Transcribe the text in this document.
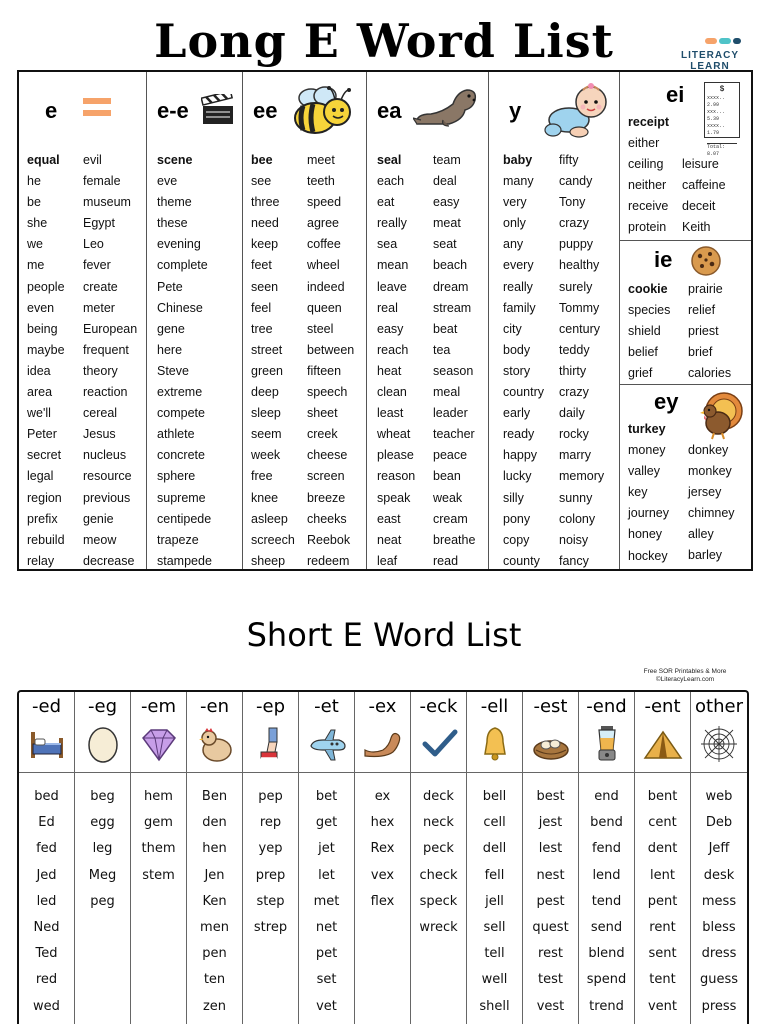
Long E Word List	LITERACY LEARN
e
equal
he
be
she
we
me
people
even
being
maybe
idea
area
we'll
Peter
secret
legal
region
prefix
rebuild
relay
evil
female
museum
Egypt
Leo
fever
create
meter
European
frequent
theory
reaction
cereal
Jesus
nucleus
resource
previous
genie
meow
decrease
e-e
scene
eve
theme
these
evening
complete
Pete
Chinese
gene
here
Steve
extreme
compete
athlete
concrete
sphere
supreme
centipede
trapeze
stampede
ee
bee
see
three
need
keep
feet
seen
feel
tree
street
green
deep
sleep
seem
week
free
knee
asleep
screech
sheep
meet
teeth
speed
agree
coffee
wheel
indeed
queen
steel
between
fifteen
speech
sheet
creek
cheese
screen
breeze
cheeks
Reebok
redeem
ea
seal
each
eat
really
sea
mean
leave
real
easy
reach
heat
clean
least
wheat
please
reason
speak
east
neat
leaf
team
deal
easy
meat
seat
beach
dream
stream
beat
tea
season
meal
leader
teacher
peace
bean
weak
cream
breathe
read
y
baby
many
very
only
any
every
really
family
city
body
story
country
early
ready
happy
lucky
silly
pony
copy
county
fifty
candy
Tony
crazy
puppy
healthy
surely
Tommy
century
teddy
thirty
crazy
daily
rocky
marry
memory
sunny
colony
noisy
fancy
ei	$
xxxx.. 2.99
xxx... 5.39
xxxx.. 1.79
Total: 8.07
receipt
either
ceiling
neither
receive
protein

leisure
caffeine
deceit
Keith
ie
cookie
species
shield
belief
grief
prairie
relief
priest
brief
calories
ey
turkey
money
valley
key
journey
honey
hockey
donkey
monkey
jersey
chimney
alley
barley
Short E Word List
Free SOR Printables & More
©LiteracyLearn.com
-ed
bed
Ed
fed
Jed
led
Ned
Ted
red
wed
-eg
beg
egg
leg
Meg
peg
-em
hem
gem
them
stem
-en
Ben
den
hen
Jen
Ken
men
pen
ten
zen
-ep
pep
rep
yep
prep
step
strep
-et
bet
get
jet
let
met
net
pet
set
vet
-ex
ex
hex
Rex
vex
flex
-eck
deck
neck
peck
check
speck
wreck
-ell
bell
cell
dell
fell
jell
sell
tell
well
shell
-est
best
jest
lest
nest
pest
quest
rest
test
vest
-end
end
bend
fend
lend
tend
send
blend
spend
trend
-ent
bent
cent
dent
lent
pent
rent
sent
tent
vent
other
web
Deb
Jeff
desk
mess
bless
dress
guess
press
